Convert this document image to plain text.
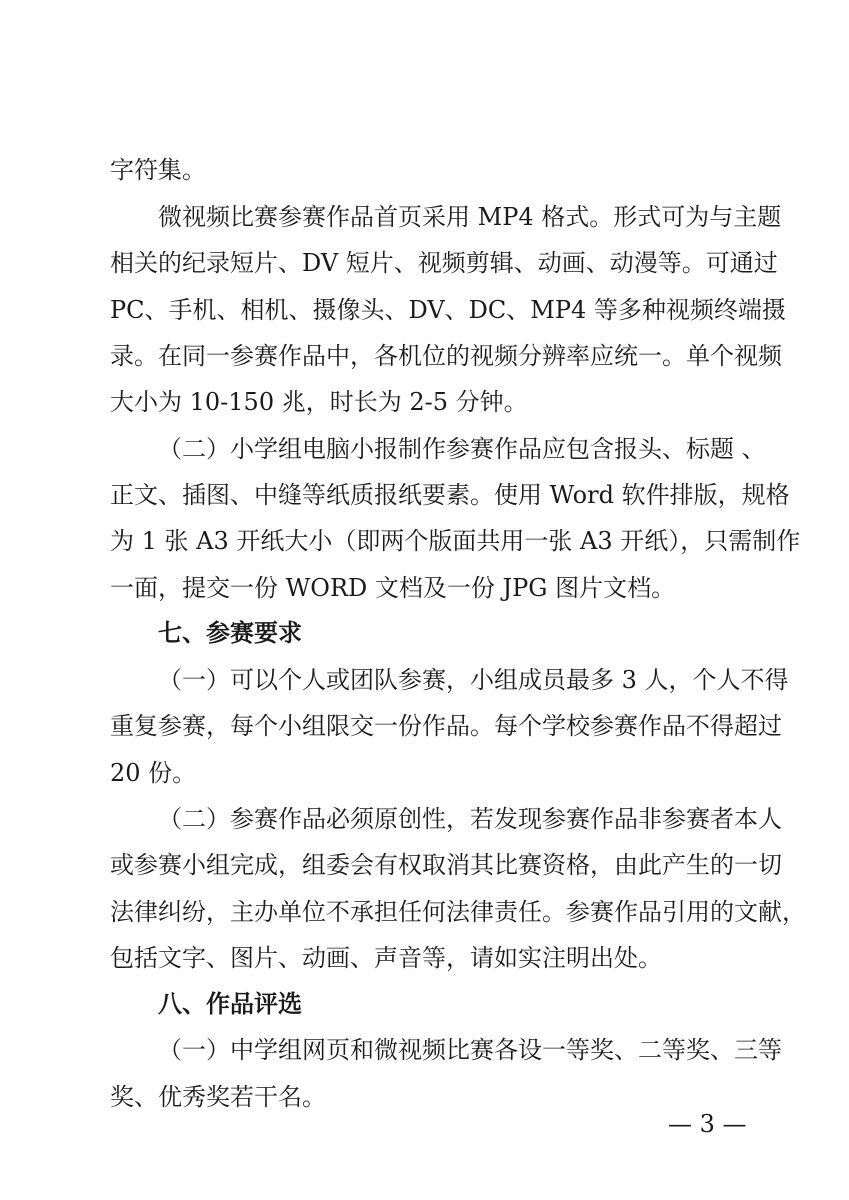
字符集。
微视频比赛参赛作品首页采用 MP4 格式。形式可为与主题
相关的纪录短片、DV 短片、视频剪辑、动画、动漫等。可通过
PC、手机、相机、摄像头、DV、DC、MP4 等多种视频终端摄
录。在同一参赛作品中，各机位的视频分辨率应统一。单个视频
大小为 10-150 兆，时长为 2-5 分钟。
（二）小学组电脑小报制作参赛作品应包含报头、标题 、
正文、插图、中缝等纸质报纸要素。使用 Word 软件排版，规格
为 1 张 A3 开纸大小（即两个版面共用一张 A3 开纸），只需制作
一面，提交一份 WORD 文档及一份 JPG 图片文档。
七、参赛要求
（一）可以个人或团队参赛，小组成员最多 3 人，个人不得
重复参赛，每个小组限交一份作品。每个学校参赛作品不得超过
20 份。
（二）参赛作品必须原创性，若发现参赛作品非参赛者本人
或参赛小组完成，组委会有权取消其比赛资格，由此产生的一切
法律纠纷，主办单位不承担任何法律责任。参赛作品引用的文献，
包括文字、图片、动画、声音等，请如实注明出处。
八、作品评选
（一）中学组网页和微视频比赛各设一等奖、二等奖、三等
奖、优秀奖若干名。
— 3 —
